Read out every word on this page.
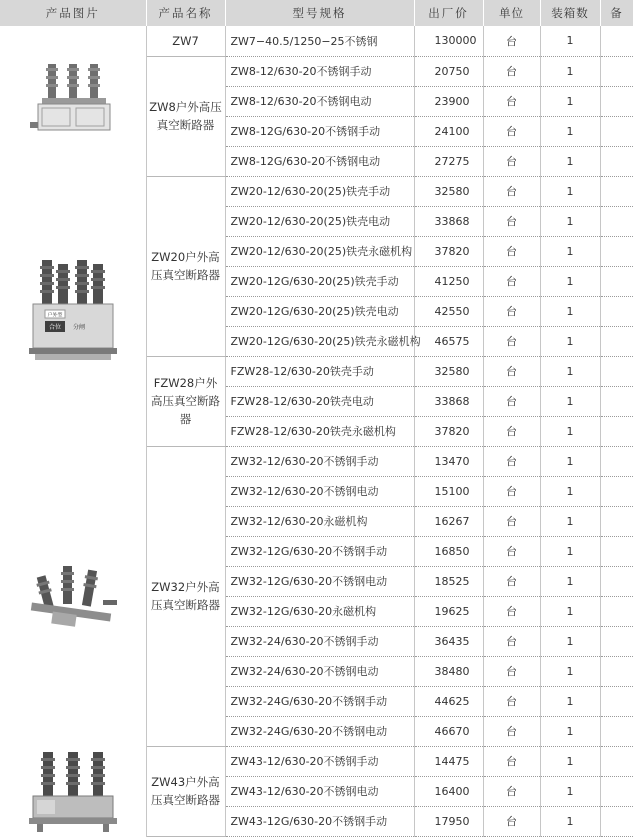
产品图片	产品名称	型号规格	出厂价	单位	装箱数	备

	ZW7	ZW7−40.5/1250−25不锈钢	130000	台	1	
	ZW8户外高压真空断路器	ZW8-12/630-20不锈钢手动	20750	台	1	
		ZW8-12/630-20不锈钢电动	23900	台	1	
		ZW8-12G/630-20不锈钢手动	24100	台	1	
		ZW8-12G/630-20不锈钢电动	27275	台	1	

户外型
合位 分闸	ZW20户外高压真空断路器	ZW20-12/630-20(25)铁壳手动	32580	台	1	
		ZW20-12/630-20(25)铁壳电动	33868	台	1	
		ZW20-12/630-20(25)铁壳永磁机构	37820	台	1	
		ZW20-12G/630-20(25)铁壳手动	41250	台	1	
		ZW20-12G/630-20(25)铁壳电动	42550	台	1	
		ZW20-12G/630-20(25)铁壳永磁机构	46575	台	1	
	FZW28户外高压真空断路器	FZW28-12/630-20铁壳手动	32580	台	1	
		FZW28-12/630-20铁壳电动	33868	台	1	
		FZW28-12/630-20铁壳永磁机构	37820	台	1	

	ZW32户外高压真空断路器	ZW32-12/630-20不锈钢手动	13470	台	1	
		ZW32-12/630-20不锈钢电动	15100	台	1	
		ZW32-12/630-20永磁机构	16267	台	1	
		ZW32-12G/630-20不锈钢手动	16850	台	1	
		ZW32-12G/630-20不锈钢电动	18525	台	1	
		ZW32-12G/630-20永磁机构	19625	台	1	
		ZW32-24/630-20不锈钢手动	36435	台	1	
		ZW32-24/630-20不锈钢电动	38480	台	1	
		ZW32-24G/630-20不锈钢手动	44625	台	1	
		ZW32-24G/630-20不锈钢电动	46670	台	1	

	ZW43户外高压真空断路器	ZW43-12/630-20不锈钢手动	14475	台	1	
		ZW43-12/630-20不锈钢电动	16400	台	1	
		ZW43-12G/630-20不锈钢手动	17950	台	1	
